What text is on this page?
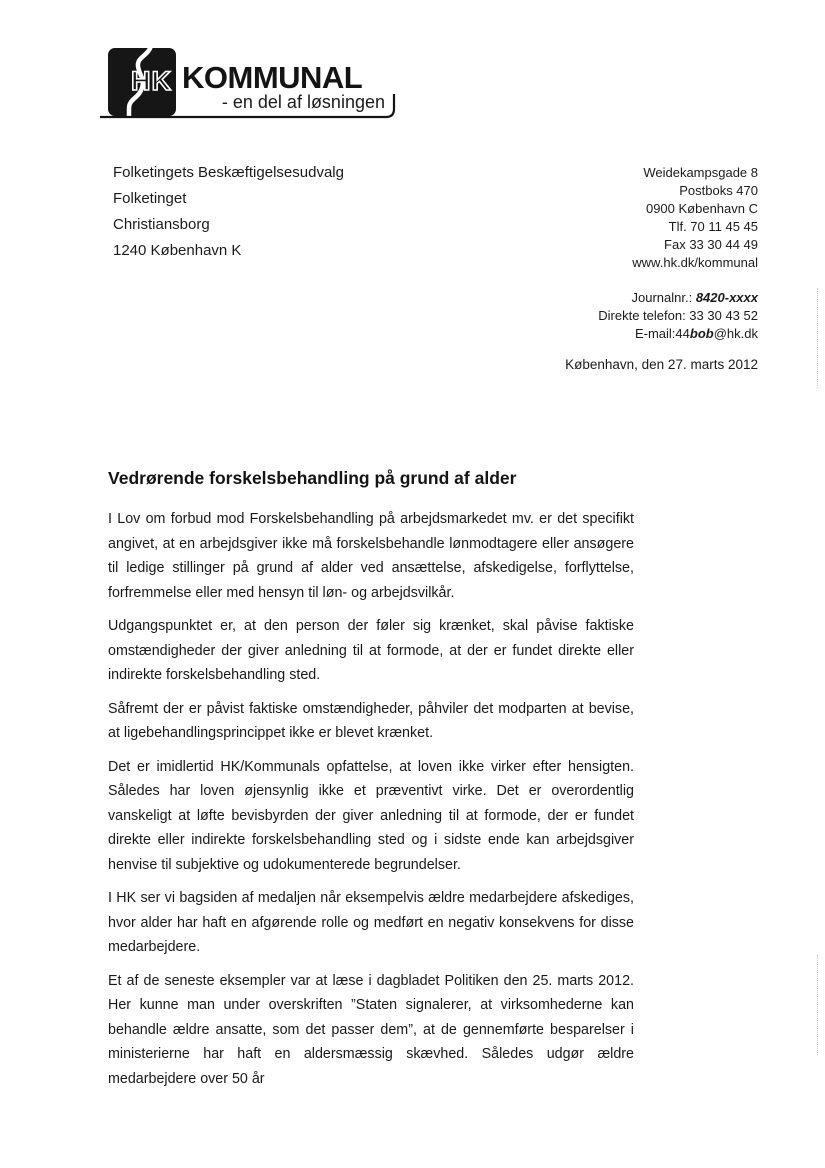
HK KOMMUNAL
- en del af løsningen
Folketingets Beskæftigelsesudvalg
Folketinget
Christiansborg
1240 København K
Weidekampsgade 8
Postboks 470
0900 København C
Tlf. 70 11 45 45
Fax 33 30 44 49
www.hk.dk/kommunal
Journalnr.: 8420-xxxx
Direkte telefon: 33 30 43 52
E-mail:44bob@hk.dk
København, den 27. marts 2012
Vedrørende forskelsbehandling på grund af alder

I Lov om forbud mod Forskelsbehandling på arbejdsmarkedet mv. er det specifikt angivet, at en arbejdsgiver ikke må forskelsbehandle lønmodtagere eller ansøgere til ledige stillinger på grund af alder ved ansættelse, afskedigelse, forflyttelse, forfremmelse eller med hensyn til løn- og arbejdsvilkår.

Udgangspunktet er, at den person der føler sig krænket, skal påvise faktiske omstændigheder der giver anledning til at formode, at der er fundet direkte eller indirekte forskelsbehandling sted.

Såfremt der er påvist faktiske omstændigheder, påhviler det modparten at bevise, at ligebehandlingsprincippet ikke er blevet krænket.

Det er imidlertid HK/Kommunals opfattelse, at loven ikke virker efter hensigten. Således har loven øjensynlig ikke et præventivt virke. Det er overordentlig vanskeligt at løfte bevisbyrden der giver anledning til at formode, der er fundet direkte eller indirekte forskelsbehandling sted og i sidste ende kan arbejdsgiver henvise til subjektive og udokumenterede begrundelser.

I HK ser vi bagsiden af medaljen når eksempelvis ældre medarbejdere afskediges, hvor alder har haft en afgørende rolle og medført en negativ konsekvens for disse medarbejdere.

Et af de seneste eksempler var at læse i dagbladet Politiken den 25. marts 2012. Her kunne man under overskriften ”Staten signalerer, at virksomhederne kan behandle ældre ansatte, som det passer dem”, at de gennemførte besparelser i ministerierne har haft en aldersmæssig skævhed. Således udgør ældre medarbejdere over 50 år
